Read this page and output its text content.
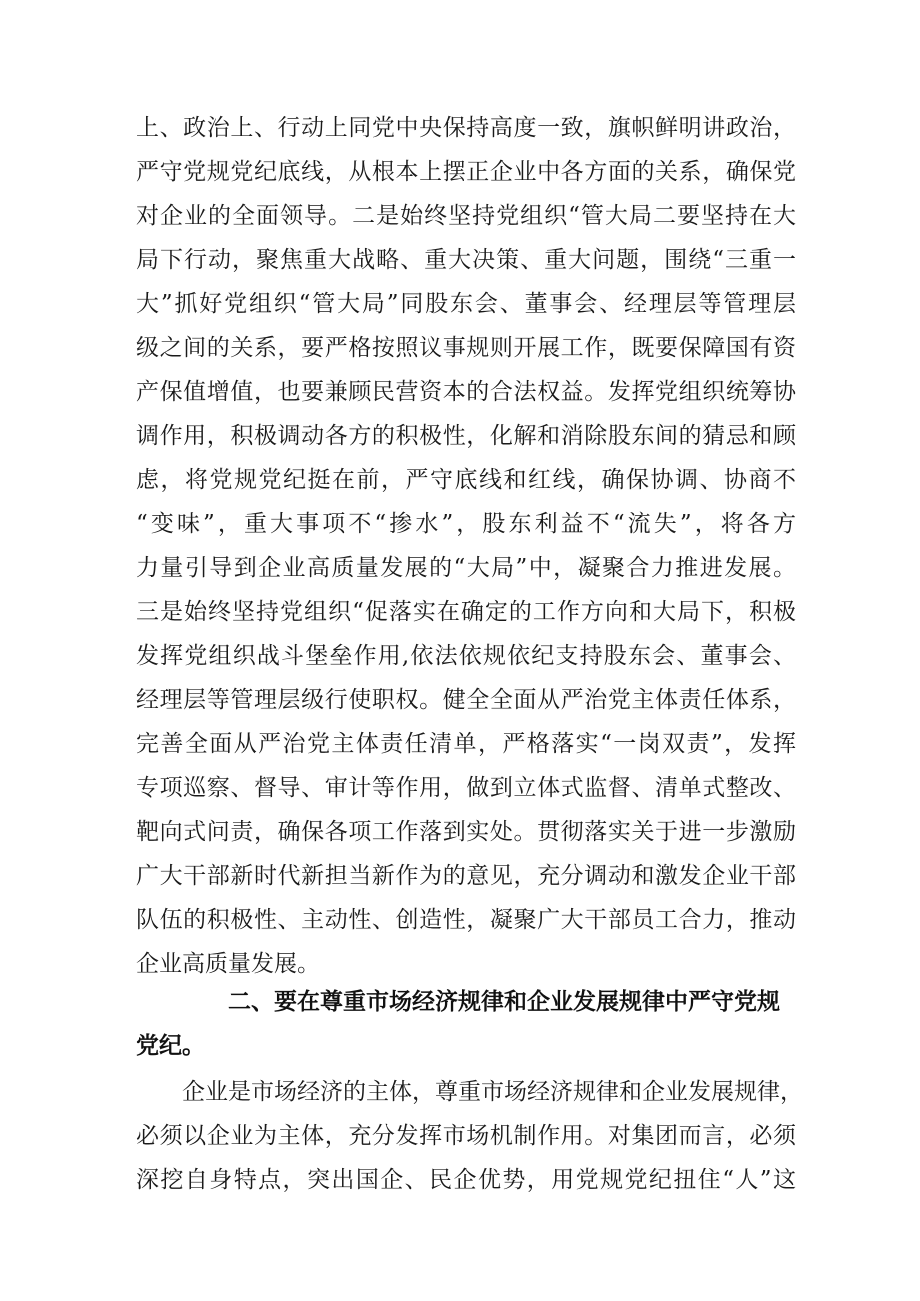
上、政治上、行动上同党中央保持高度一致，旗帜鲜明讲政治，
严守党规党纪底线，从根本上摆正企业中各方面的关系，确保党
对企业的全面领导。二是始终坚持党组织“管大局二要坚持在大
局下行动，聚焦重大战略、重大决策、重大问题，围绕“三重一
大”抓好党组织“管大局”同股东会、董事会、经理层等管理层
级之间的关系，要严格按照议事规则开展工作，既要保障国有资
产保值增值，也要兼顾民营资本的合法权益。发挥党组织统筹协
调作用，积极调动各方的积极性，化解和消除股东间的猜忌和顾
虑，将党规党纪挺在前，严守底线和红线，确保协调、协商不
“变味”，重大事项不“掺水”，股东利益不“流失”，将各方
力量引导到企业高质量发展的“大局”中，凝聚合力推进发展。
三是始终坚持党组织“促落实在确定的工作方向和大局下，积极
发挥党组织战斗堡垒作用,依法依规依纪支持股东会、董事会、
经理层等管理层级行使职权。健全全面从严治党主体责任体系，
完善全面从严治党主体责任清单，严格落实“一岗双责”，发挥
专项巡察、督导、审计等作用，做到立体式监督、清单式整改、
靶向式问责，确保各项工作落到实处。贯彻落实关于进一步激励
广大干部新时代新担当新作为的意见，充分调动和激发企业干部
队伍的积极性、主动性、创造性，凝聚广大干部员工合力，推动
企业高质量发展。
二、要在尊重市场经济规律和企业发展规律中严守党规
党纪。
企业是市场经济的主体，尊重市场经济规律和企业发展规律，
必须以企业为主体，充分发挥市场机制作用。对集团而言，必须
深挖自身特点，突出国企、民企优势，用党规党纪扭住“人”这
